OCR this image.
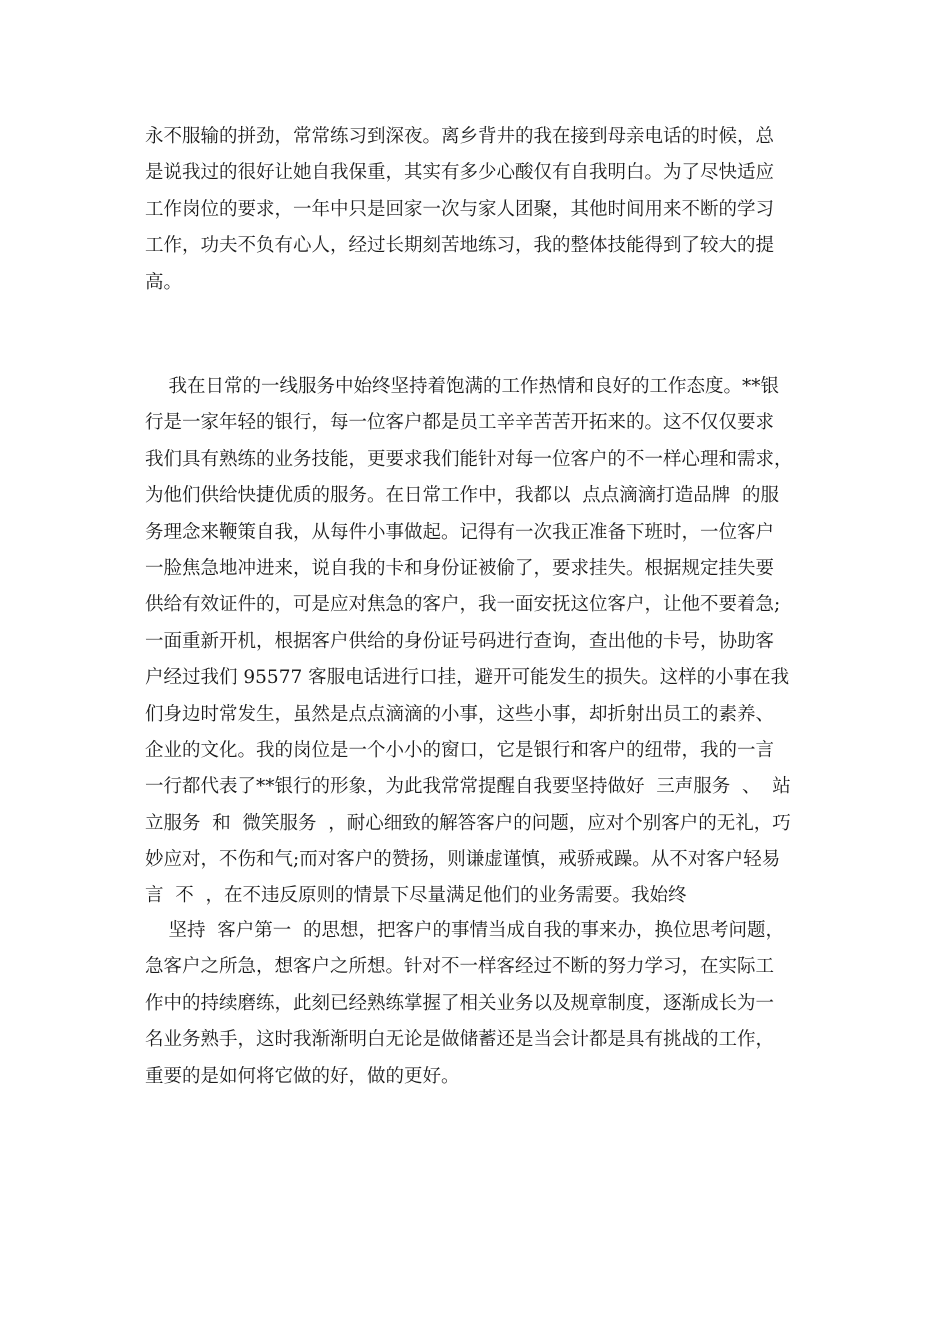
永不服输的拼劲，常常练习到深夜。离乡背井的我在接到母亲电话的时候，总
是说我过的很好让她自我保重，其实有多少心酸仅有自我明白。为了尽快适应
工作岗位的要求，一年中只是回家一次与家人团聚，其他时间用来不断的学习
工作，功夫不负有心人，经过长期刻苦地练习，我的整体技能得到了较大的提
高。
我在日常的一线服务中始终坚持着饱满的工作热情和良好的工作态度。**银
行是一家年轻的银行，每一位客户都是员工辛辛苦苦开拓来的。这不仅仅要求
我们具有熟练的业务技能，更要求我们能针对每一位客户的不一样心理和需求，
为他们供给快捷优质的服务。在日常工作中，我都以  点点滴滴打造品牌  的服
务理念来鞭策自我，从每件小事做起。记得有一次我正准备下班时，一位客户
一脸焦急地冲进来，说自我的卡和身份证被偷了，要求挂失。根据规定挂失要
供给有效证件的，可是应对焦急的客户，我一面安抚这位客户，让他不要着急;
一面重新开机，根据客户供给的身份证号码进行查询，查出他的卡号，协助客
户经过我们 95577 客服电话进行口挂，避开可能发生的损失。这样的小事在我
们身边时常发生，虽然是点点滴滴的小事，这些小事，却折射出员工的素养、
企业的文化。我的岗位是一个小小的窗口，它是银行和客户的纽带，我的一言
一行都代表了**银行的形象，为此我常常提醒自我要坚持做好  三声服务  、  站
立服务  和  微笑服务  ，耐心细致的解答客户的问题，应对个别客户的无礼，巧
妙应对，不伤和气;而对客户的赞扬，则谦虚谨慎，戒骄戒躁。从不对客户轻易
言  不  ，在不违反原则的情景下尽量满足他们的业务需要。我始终
坚持  客户第一  的思想，把客户的事情当成自我的事来办，换位思考问题，
急客户之所急，想客户之所想。针对不一样客经过不断的努力学习，在实际工
作中的持续磨练，此刻已经熟练掌握了相关业务以及规章制度，逐渐成长为一
名业务熟手，这时我渐渐明白无论是做储蓄还是当会计都是具有挑战的工作，
重要的是如何将它做的好，做的更好。
